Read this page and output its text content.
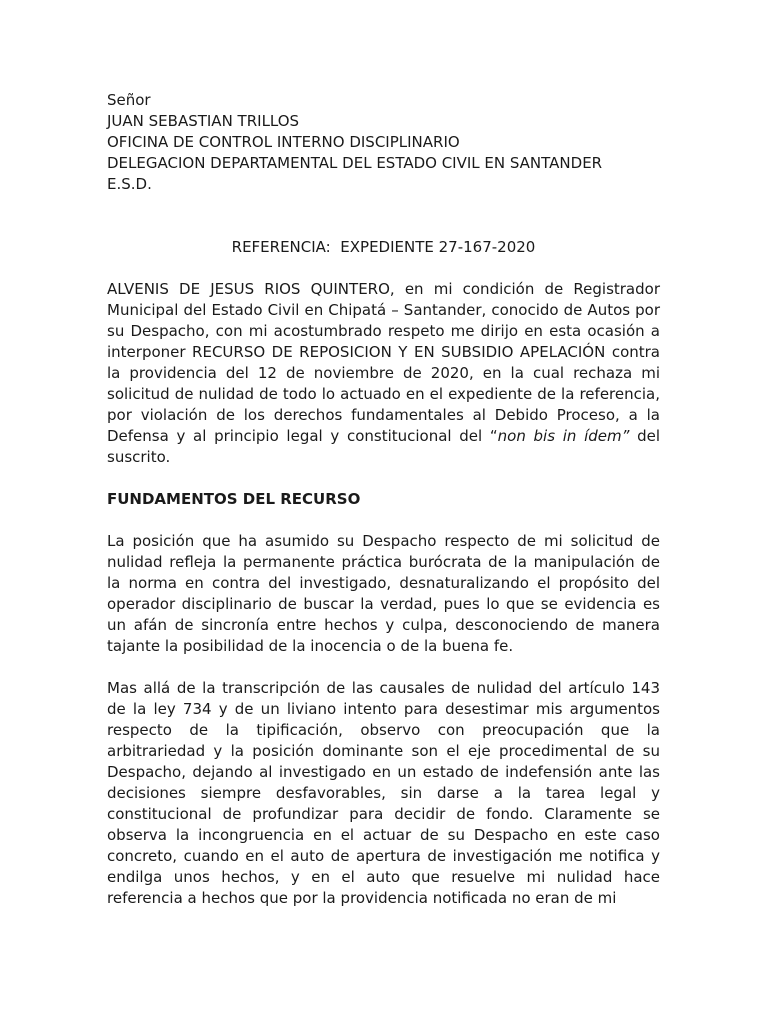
Señor
JUAN SEBASTIAN TRILLOS
OFICINA DE CONTROL INTERNO DISCIPLINARIO
DELEGACION DEPARTAMENTAL DEL ESTADO CIVIL EN SANTANDER
E.S.D.
REFERENCIA:  EXPEDIENTE 27-167-2020
ALVENIS DE JESUS RIOS QUINTERO, en mi condición de Registrador Municipal del Estado Civil en Chipatá – Santander, conocido de Autos por su Despacho, con mi acostumbrado respeto me dirijo en esta ocasión a interponer RECURSO DE REPOSICION Y EN SUBSIDIO APELACIÓN contra la providencia del 12 de noviembre de 2020, en la cual rechaza mi solicitud de nulidad de todo lo actuado en el expediente de la referencia, por violación de los derechos fundamentales al Debido Proceso, a la Defensa y al principio legal y constitucional del “non bis in ídem” del suscrito.
FUNDAMENTOS DEL RECURSO
La posición que ha asumido su Despacho respecto de mi solicitud de nulidad refleja la permanente práctica burócrata de la manipulación de la norma en contra del investigado, desnaturalizando el propósito del operador disciplinario de buscar la verdad, pues lo que se evidencia es un afán de sincronía entre hechos y culpa, desconociendo de manera tajante la posibilidad de la inocencia o de la buena fe.
Mas allá de la transcripción de las causales de nulidad del artículo 143 de la ley 734 y de un liviano intento para desestimar mis argumentos respecto de la tipificación, observo con preocupación que la arbitrariedad y la posición dominante son el eje procedimental de su Despacho, dejando al investigado en un estado de indefensión ante las decisiones siempre desfavorables, sin darse a la tarea legal y constitucional de profundizar para decidir de fondo. Claramente se observa la incongruencia en el actuar de su Despacho en este caso concreto, cuando en el auto de apertura de investigación me notifica y endilga unos hechos, y en el auto que resuelve mi nulidad hace referencia a hechos que por la providencia notificada no eran de mi
